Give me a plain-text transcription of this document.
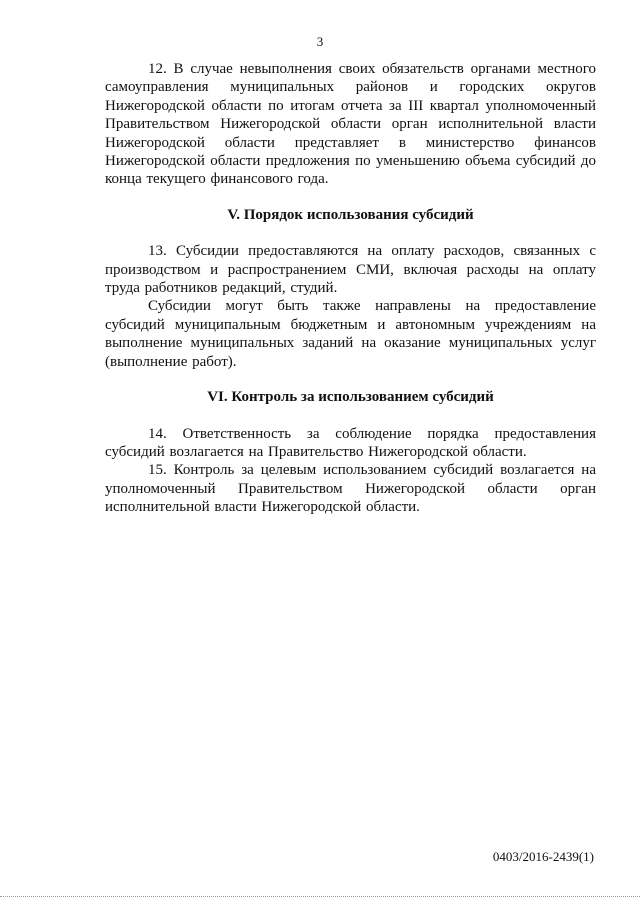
3

12. В случае невыполнения своих обязательств органами местного самоуправления муниципальных районов и городских округов Нижегородской области по итогам отчета за III квартал уполномоченный Правительством Нижегородской области орган исполнительной власти Нижегородской области представляет в министерство финансов Нижегородской области предложения по уменьшению объема субсидий до конца текущего финансового года.

V. Порядок использования субсидий

13. Субсидии предоставляются на оплату расходов, связанных с производством и распространением СМИ, включая расходы на оплату труда работников редакций, студий.

Субсидии могут быть также направлены на предоставление субсидий муниципальным бюджетным и автономным учреждениям на выполнение муниципальных заданий на оказание муниципальных услуг (выполнение работ).

VI. Контроль за использованием субсидий

14. Ответственность за соблюдение порядка предоставления субсидий возлагается на Правительство Нижегородской области.

15. Контроль за целевым использованием субсидий возлагается на уполномоченный Правительством Нижегородской области орган исполнительной власти Нижегородской области.

0403/2016-2439(1)
